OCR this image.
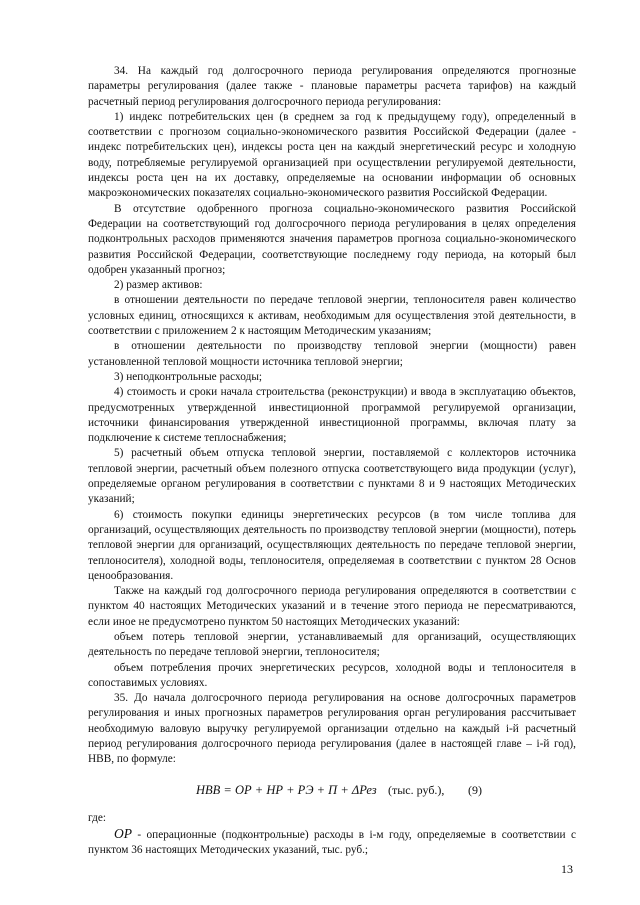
34. На каждый год долгосрочного периода регулирования определяются прогнозные параметры регулирования (далее также - плановые параметры расчета тарифов) на каждый расчетный период регулирования долгосрочного периода регулирования:

1) индекс потребительских цен (в среднем за год к предыдущему году), определенный в соответствии с прогнозом социально-экономического развития Российской Федерации (далее - индекс потребительских цен), индексы роста цен на каждый энергетический ресурс и холодную воду, потребляемые регулируемой организацией при осуществлении регулируемой деятельности, индексы роста цен на их доставку, определяемые на основании информации об основных макроэкономических показателях социально-экономического развития Российской Федерации.

В отсутствие одобренного прогноза социально-экономического развития Российской Федерации на соответствующий год долгосрочного периода регулирования в целях определения подконтрольных расходов применяются значения параметров прогноза социально-экономического развития Российской Федерации, соответствующие последнему году периода, на который был одобрен указанный прогноз;

2) размер активов:

в отношении деятельности по передаче тепловой энергии, теплоносителя равен количество условных единиц, относящихся к активам, необходимым для осуществления этой деятельности, в соответствии с приложением 2 к настоящим Методическим указаниям;

в отношении деятельности по производству тепловой энергии (мощности) равен установленной тепловой мощности источника тепловой энергии;

3) неподконтрольные расходы;

4) стоимость и сроки начала строительства (реконструкции) и ввода в эксплуатацию объектов, предусмотренных утвержденной инвестиционной программой регулируемой организации, источники финансирования утвержденной инвестиционной программы, включая плату за подключение к системе теплоснабжения;

5) расчетный объем отпуска тепловой энергии, поставляемой с коллекторов источника тепловой энергии, расчетный объем полезного отпуска соответствующего вида продукции (услуг), определяемые органом регулирования в соответствии с пунктами 8 и 9 настоящих Методических указаний;

6) стоимость покупки единицы энергетических ресурсов (в том числе топлива для организаций, осуществляющих деятельность по производству тепловой энергии (мощности), потерь тепловой энергии для организаций, осуществляющих деятельность по передаче тепловой энергии, теплоносителя), холодной воды, теплоносителя, определяемая в соответствии с пунктом 28 Основ ценообразования.

Также на каждый год долгосрочного периода регулирования определяются в соответствии с пунктом 40 настоящих Методических указаний и в течение этого периода не пересматриваются, если иное не предусмотрено пунктом 50 настоящих Методических указаний:

объем потерь тепловой энергии, устанавливаемый для организаций, осуществляющих деятельность по передаче тепловой энергии, теплоносителя;

объем потребления прочих энергетических ресурсов, холодной воды и теплоносителя в сопоставимых условиях.

35. До начала долгосрочного периода регулирования на основе долгосрочных параметров регулирования и иных прогнозных параметров регулирования орган регулирования рассчитывает необходимую валовую выручку регулируемой организации отдельно на каждый i-й расчетный период регулирования долгосрочного периода регулирования (далее в настоящей главе – i-й год), НВВ, по формуле:

НВВ = ОР + НР + РЭ + П + ΔРез (тыс. руб.), (9)

где:

ОР - операционные (подконтрольные) расходы в i-м году, определяемые в соответствии с пунктом 36 настоящих Методических указаний, тыс. руб.;

13
